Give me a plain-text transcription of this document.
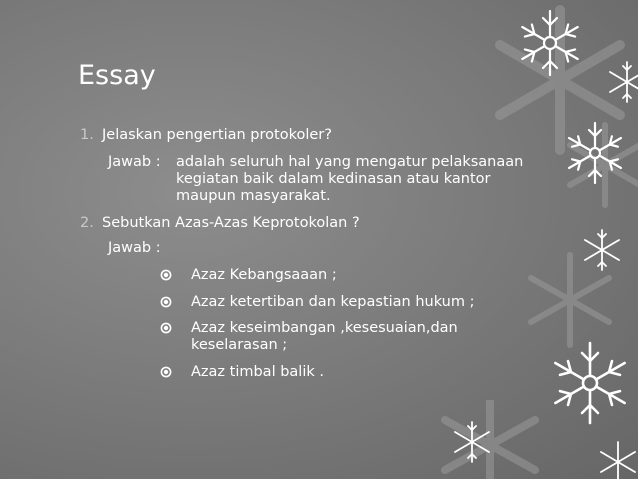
Essay
1. Jelaskan pengertian protokoler?
Jawab : adalah seluruh hal yang mengatur pelaksanaan
kegiatan baik dalam kedinasan atau kantor
maupun masyarakat.
2. Sebutkan Azas-Azas Keprotokolan ?
Jawab :
Azaz Kebangsaaan ;
Azaz ketertiban dan kepastian hukum ;
Azaz keseimbangan ,kesesuaian,dan
keselarasan ;
Azaz timbal balik .
